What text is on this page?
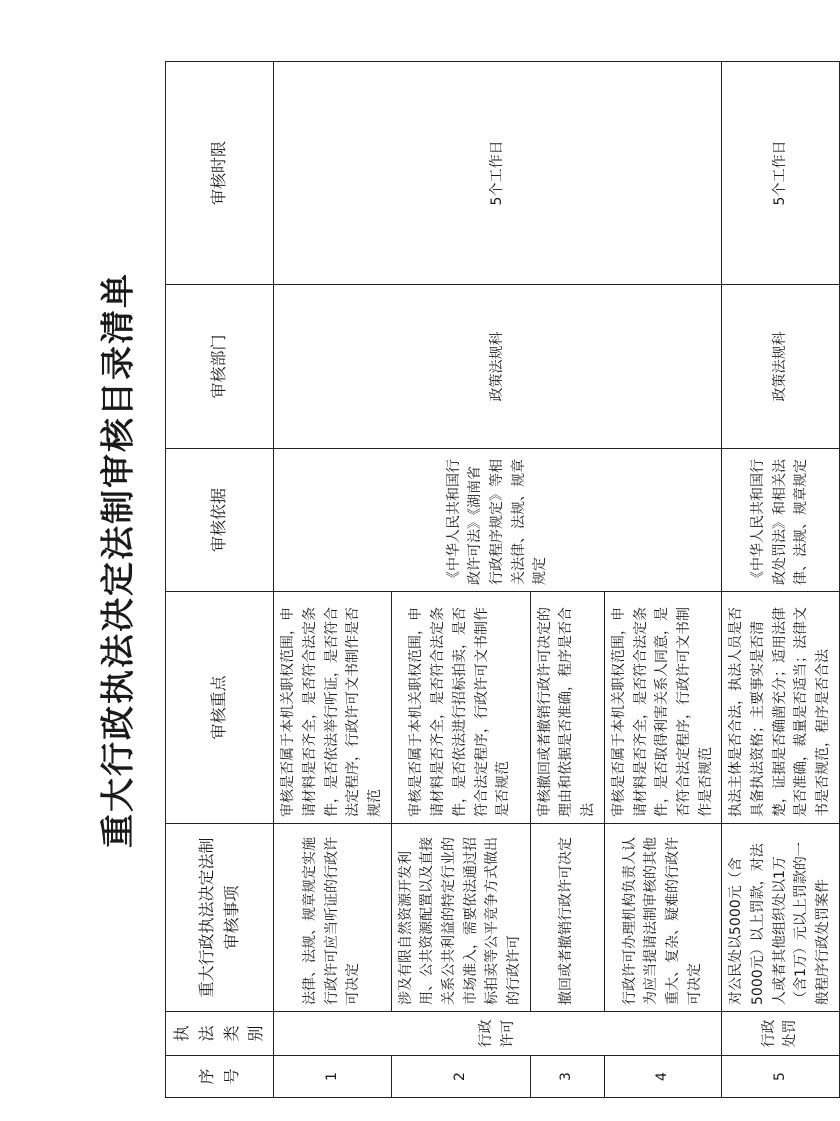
重大行政执法决定法制审核目录清单
序号	执法类别	重大行政执法决定法制审核事项	审核重点	审核依据	审核部门	审核时限
1	行政许可	法律、法规、规章规定实施行政许可应当听证的行政许可决定	审核是否属于本机关职权范围，申请材料是否齐全，是否符合法定条件，是否依法举行听证，是否符合法定程序，行政许可文书制作是否规范	《中华人民共和国行政许可法》《湖南省行政程序规定》等相关法律、法规、规章规定	政策法规科	5个工作日
2		涉及有限自然资源开发利用、公共资源配置以及直接关系公共利益的特定行业的市场准入，需要依法通过招标拍卖等公平竞争方式做出的行政许可	审核是否属于本机关职权范围，申请材料是否齐全，是否符合法定条件，是否依法进行招标拍卖，是否符合法定程序，行政许可文书制作是否规范			
3		撤回或者撤销行政许可决定	审核撤回或者撤销行政许可决定的理由和依据是否准确，程序是否合法			
4		行政许可办理机构负责人认为应当提请法制审核的其他重大、复杂、疑难的行政许可决定	审核是否属于本机关职权范围，申请材料是否齐全，是否符合法定条件，是否取得利害关系人同意，是否符合法定程序，行政许可文书制作是否规范			
5	行政处罚	对公民处以5000元（含5000元）以上罚款，对法人或者其他组织处以1万（含1万）元以上罚款的一般程序行政处罚案件	执法主体是否合法，执法人员是否具备执法资格；主要事实是否清楚，证据是否确凿充分；适用法律是否准确，裁量是否适当；法律文书是否规范，程序是否合法	《中华人民共和国行政处罚法》和相关法律、法规、规章规定	政策法规科	5个工作日
